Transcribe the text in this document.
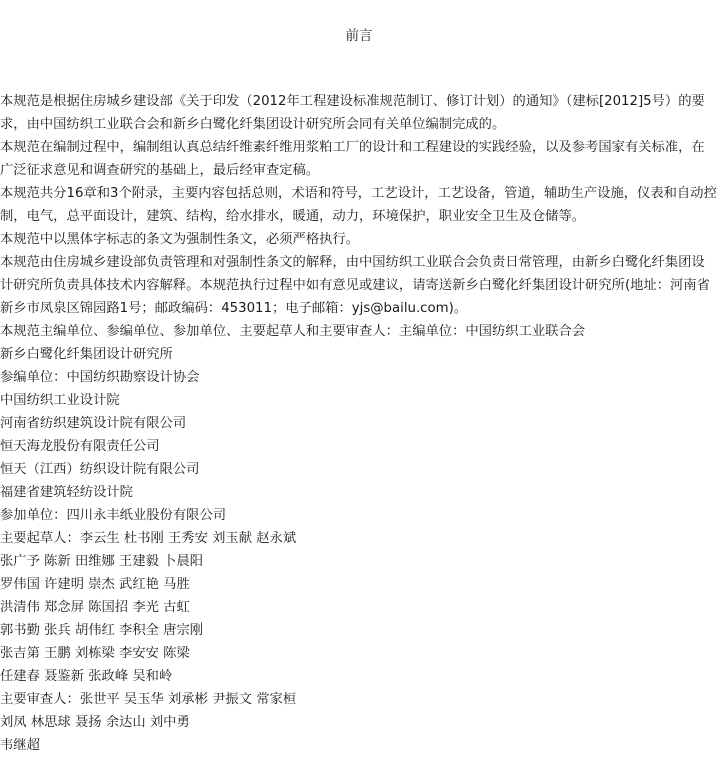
前言

本规范是根据住房城乡建设部《关于印发（2012年工程建设标准规范制订、修订计划）的通知》（建标[2012]5号）的要求，由中国纺织工业联合会和新乡白鹭化纤集团设计研究所会同有关单位编制完成的。

本规范在编制过程中，编制组认真总结纤维素纤维用浆粕工厂的设计和工程建设的实践经验，以及参考国家有关标准，在广泛征求意见和调查研究的基础上，最后经审查定稿。

本规范共分16章和3个附录，主要内容包括总则，术语和符号，工艺设计，工艺设备，管道，辅助生产设施，仪表和自动控制，电气，总平面设计，建筑、结构，给水排水，暖通，动力，环境保护，职业安全卫生及仓储等。

本规范中以黑体字标志的条文为强制性条文，必须严格执行。

本规范由住房城乡建设部负责管理和对强制性条文的解释，由中国纺织工业联合会负责日常管理，由新乡白鹭化纤集团设计研究所负责具体技术内容解释。本规范执行过程中如有意见或建议，请寄送新乡白鹭化纤集团设计研究所(地址：河南省新乡市凤泉区锦园路1号；邮政编码：453011；电子邮箱：yjs@bailu.com)。

本规范主编单位、参编单位、参加单位、主要起草人和主要审查人：主编单位：中国纺织工业联合会

新乡白鹭化纤集团设计研究所

参编单位：中国纺织勘察设计协会

中国纺织工业设计院

河南省纺织建筑设计院有限公司

恒天海龙股份有限责任公司

恒天（江西）纺织设计院有限公司

福建省建筑轻纺设计院

参加单位：四川永丰纸业股份有限公司

主要起草人：李云生 杜书刚 王秀安 刘玉献 赵永斌

张广予 陈新 田维娜 王建毅 卜晨阳

罗伟国 许建明 崇杰 武红艳 马胜

洪清伟 郑念屏 陈国招 李光 古虹

郭书勤 张兵 胡伟红 李积全 唐宗刚

张吉第 王鹏 刘栋梁 李安安 陈梁

任建春 聂鉴新 张政峰 吴和岭

主要审查人：张世平 吴玉华 刘承彬 尹振文 常家桓

刘凤 林思球 聂扬 余达山 刘中勇

韦继超
